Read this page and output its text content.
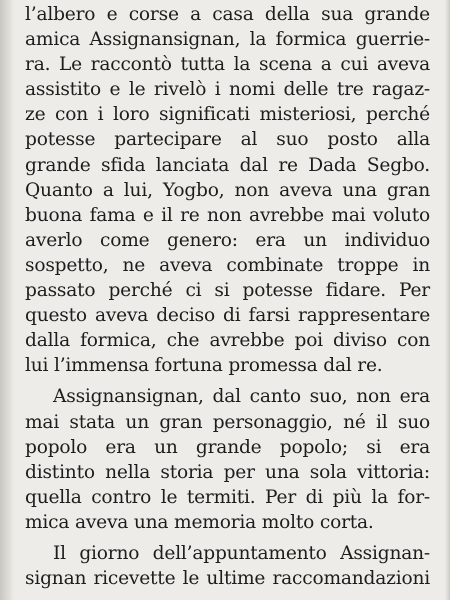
l’albero e corse a casa della sua grande
amica Assignansignan, la formica guerrie-
ra. Le raccontò tutta la scena a cui aveva
assistito e le rivelò i nomi delle tre ragaz-
ze con i loro significati misteriosi, perché
potesse partecipare al suo posto alla
grande sfida lanciata dal re Dada Segbo.
Quanto a lui, Yogbo, non aveva una gran
buona fama e il re non avrebbe mai voluto
averlo come genero: era un individuo
sospetto, ne aveva combinate troppe in
passato perché ci si potesse fidare. Per
questo aveva deciso di farsi rappresentare
dalla formica, che avrebbe poi diviso con
lui l’immensa fortuna promessa dal re.
Assignansignan, dal canto suo, non era
mai stata un gran personaggio, né il suo
popolo era un grande popolo; si era
distinto nella storia per una sola vittoria:
quella contro le termiti. Per di più la for-
mica aveva una memoria molto corta.
Il giorno dell’appuntamento Assignan-
signan ricevette le ultime raccomandazioni
